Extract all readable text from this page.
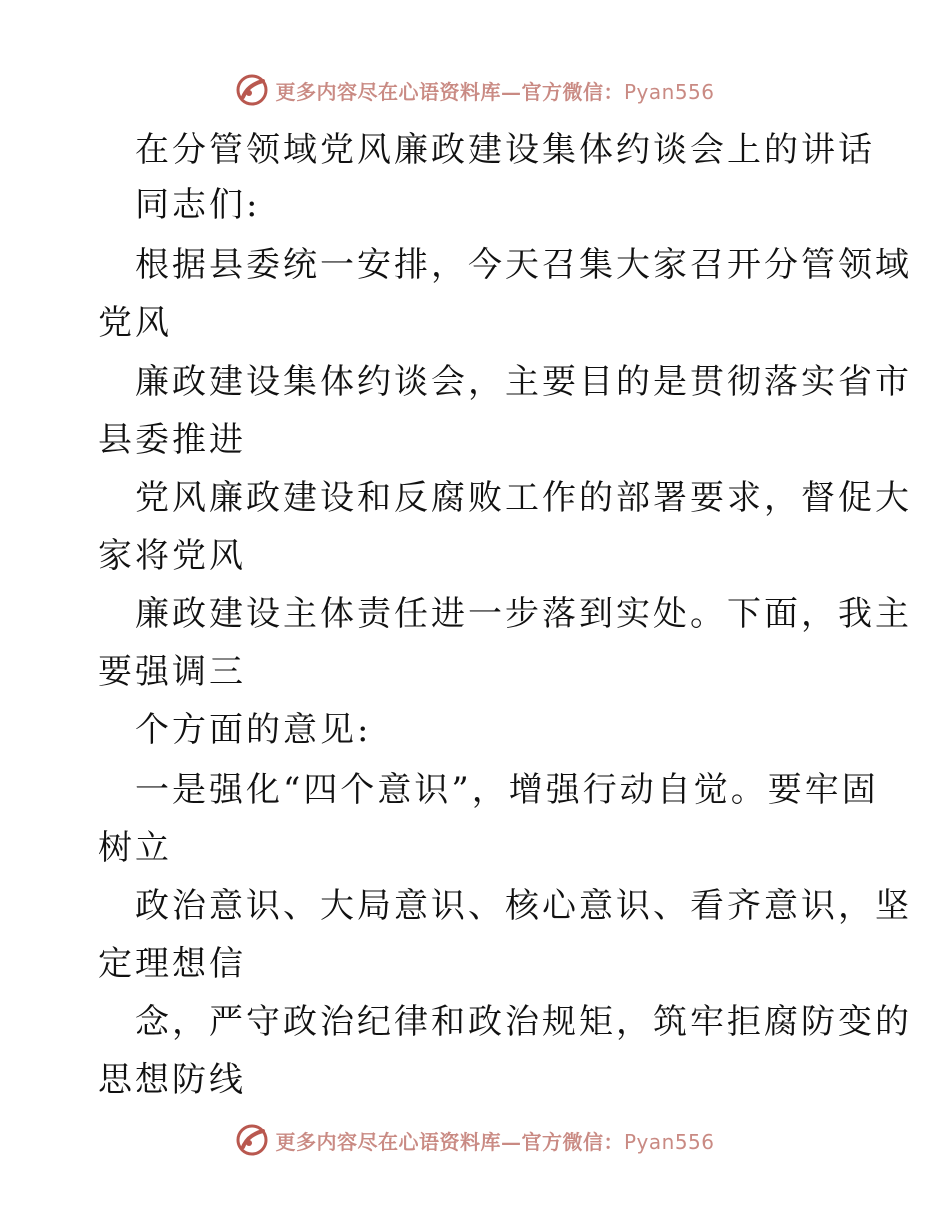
更多内容尽在心语资料库—官方微信：Pyan556
在分管领域党风廉政建设集体约谈会上的讲话
同志们:
根据县委统一安排，今天召集大家召开分管领域
党风
廉政建设集体约谈会，主要目的是贯彻落实省市
县委推进
党风廉政建设和反腐败工作的部署要求，督促大
家将党风
廉政建设主体责任进一步落到实处。下面，我主
要强调三
个方面的意见:
一是强化“四个意识”，增强行动自觉。要牢固
树立
政治意识、大局意识、核心意识、看齐意识，坚
定理想信
念，严守政治纪律和政治规矩，筑牢拒腐防变的
思想防线
更多内容尽在心语资料库—官方微信：Pyan556
